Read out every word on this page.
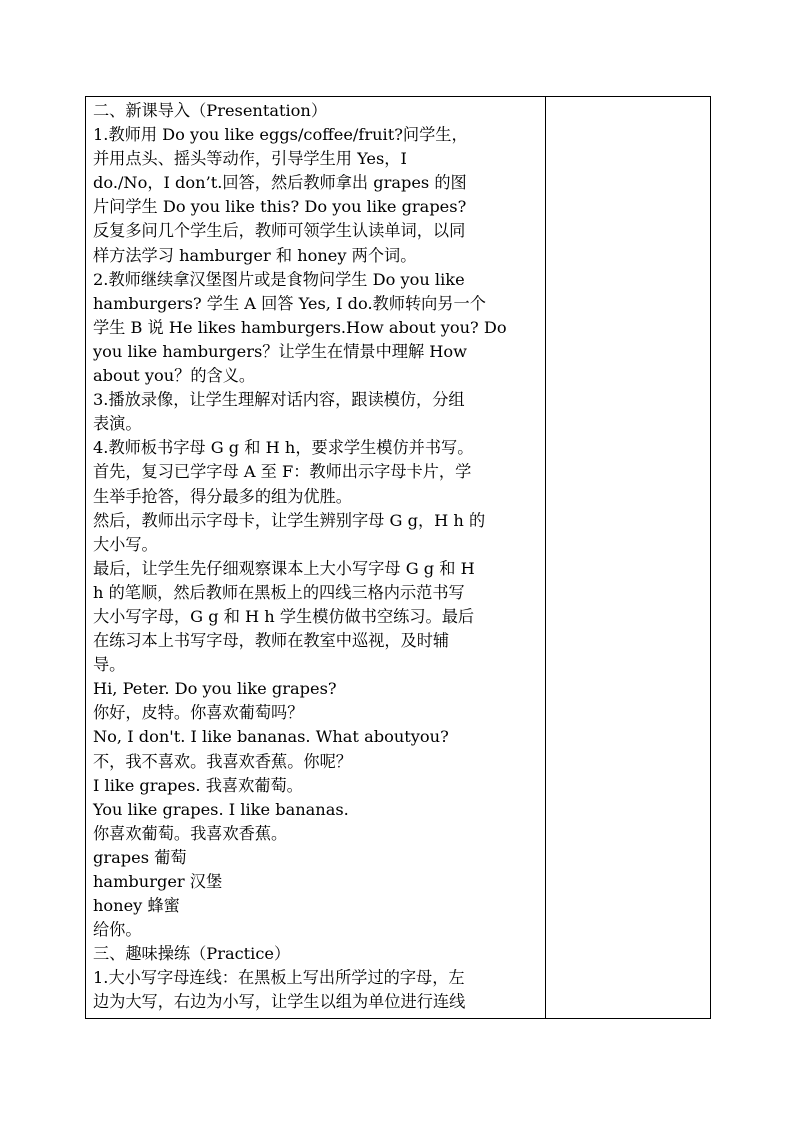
二、新课导入（Presentation）
1.教师用 Do you like eggs/coffee/fruit?问学生，
并用点头、摇头等动作，引导学生用 Yes，I
do./No，I don’t.回答，然后教师拿出 grapes 的图
片问学生 Do you like this? Do you like grapes?
反复多问几个学生后，教师可领学生认读单词，以同
样方法学习 hamburger 和 honey 两个词。
2.教师继续拿汉堡图片或是食物问学生 Do you like
hamburgers? 学生 A 回答 Yes, I do.教师转向另一个
学生 B 说 He likes hamburgers.How about you? Do
you like hamburgers？让学生在情景中理解 How
about you？的含义。
3.播放录像，让学生理解对话内容，跟读模仿，分组
表演。
4.教师板书字母 G g 和 H h，要求学生模仿并书写。
首先，复习已学字母 A 至 F：教师出示字母卡片，学
生举手抢答，得分最多的组为优胜。
然后，教师出示字母卡，让学生辨别字母 G g，H h 的
大小写。
最后，让学生先仔细观察课本上大小写字母 G g 和 H
h 的笔顺，然后教师在黑板上的四线三格内示范书写
大小写字母，G g 和 H h 学生模仿做书空练习。最后
在练习本上书写字母，教师在教室中巡视，及时辅
导。
Hi, Peter. Do you like grapes?
你好，皮特。你喜欢葡萄吗？
No, I don't. I like bananas. What aboutyou?
不，我不喜欢。我喜欢香蕉。你呢？
I like grapes. 我喜欢葡萄。
You like grapes. I like bananas.
你喜欢葡萄。我喜欢香蕉。
grapes 葡萄
hamburger 汉堡
honey 蜂蜜
给你。
三、趣味操练（Practice）
1.大小写字母连线：在黑板上写出所学过的字母，左
边为大写，右边为小写，让学生以组为单位进行连线
